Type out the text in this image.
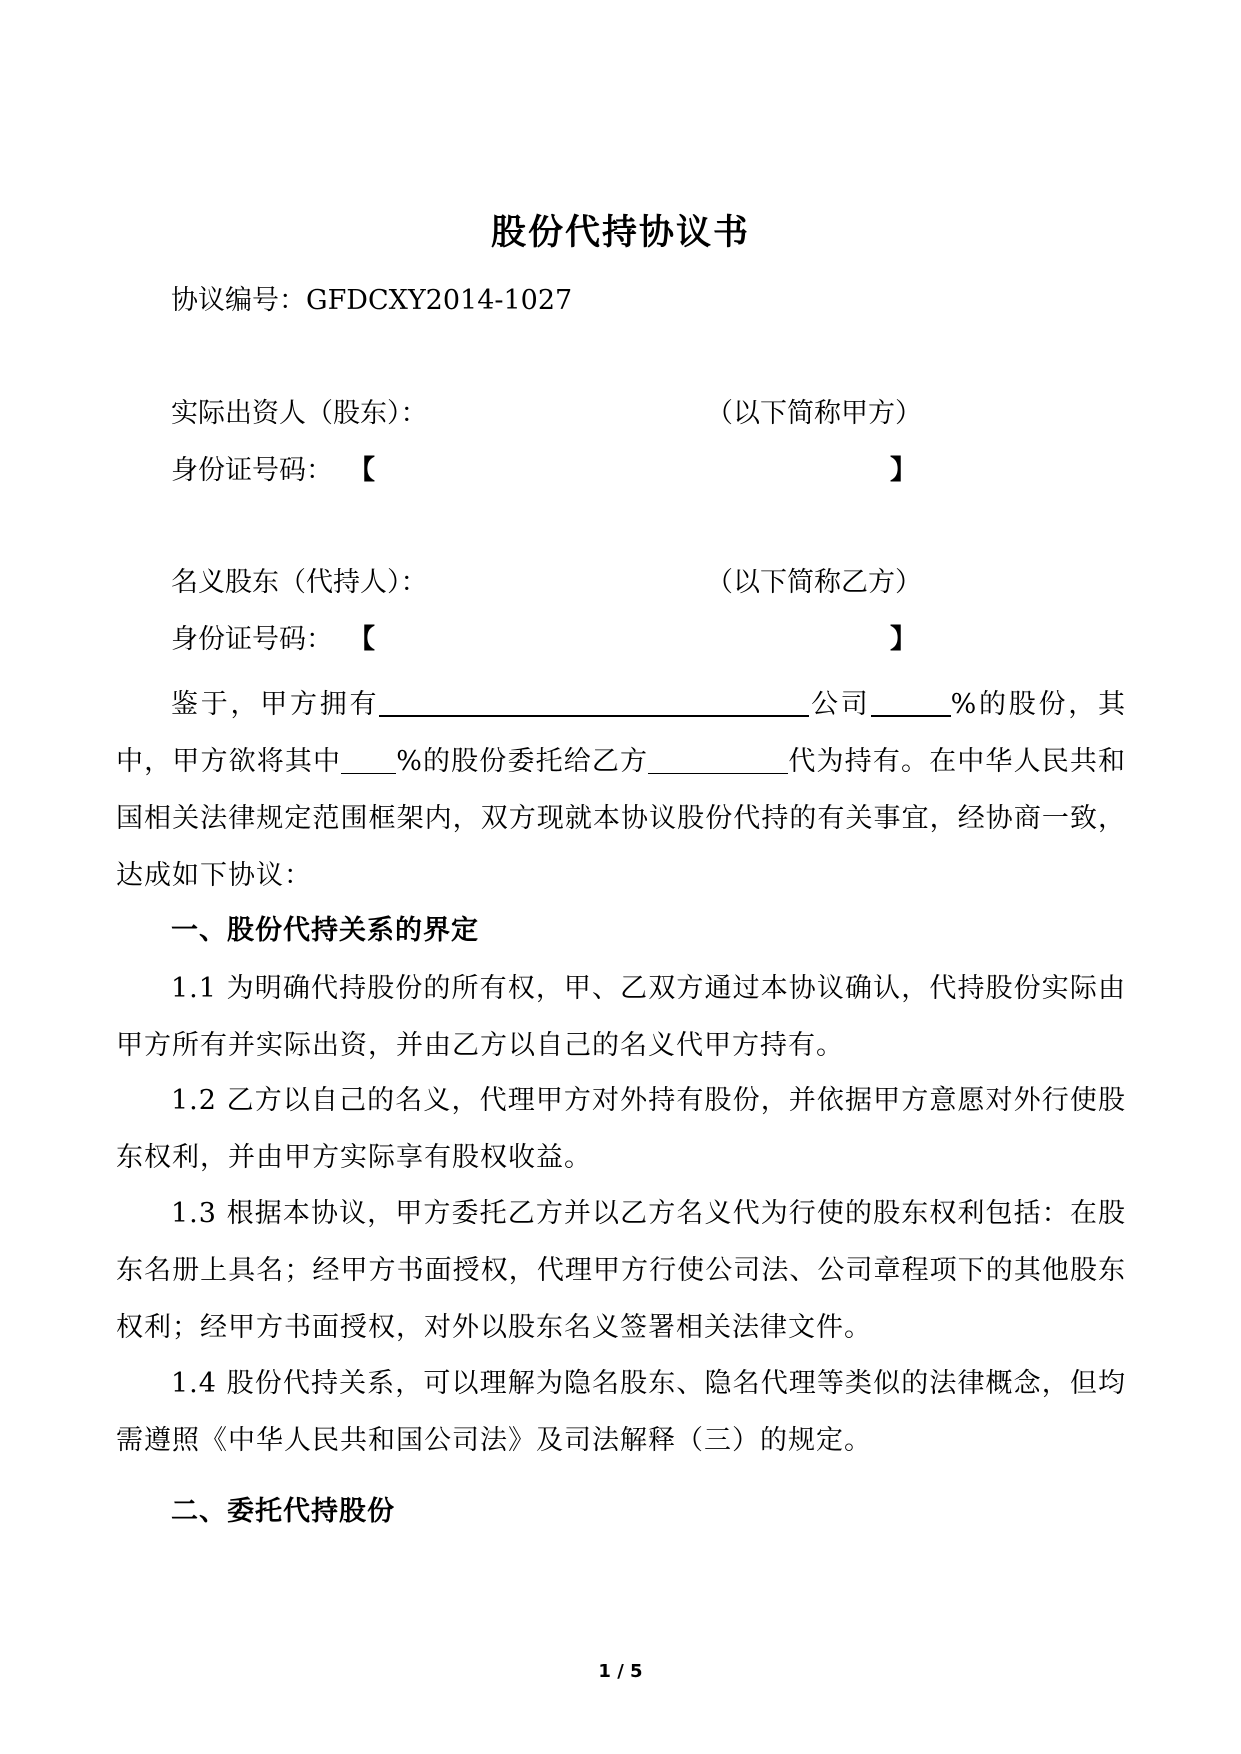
股份代持协议书
协议编号：GFDCXY2014-1027
实际出资人（股东）：	（以下简称甲方）
身份证号码： 【	】
名义股东（代持人）：	（以下简称乙方）
身份证号码： 【	】
鉴于，甲方拥有	公司	%的股份，其中，甲方欲将其中 %的股份委托给乙方	代为持有。在中华人民共和国相关法律规定范围框架内，双方现就本协议股份代持的有关事宜，经协商一致，达成如下协议：
一、股份代持关系的界定
1.1 为明确代持股份的所有权，甲、乙双方通过本协议确认，代持股份实际由甲方所有并实际出资，并由乙方以自己的名义代甲方持有。
1.2 乙方以自己的名义，代理甲方对外持有股份，并依据甲方意愿对外行使股东权利，并由甲方实际享有股权收益。
1.3 根据本协议，甲方委托乙方并以乙方名义代为行使的股东权利包括：在股东名册上具名；经甲方书面授权，代理甲方行使公司法、公司章程项下的其他股东权利；经甲方书面授权，对外以股东名义签署相关法律文件。
1.4 股份代持关系，可以理解为隐名股东、隐名代理等类似的法律概念，但均需遵照《中华人民共和国公司法》及司法解释（三）的规定。
二、委托代持股份
1 / 5
